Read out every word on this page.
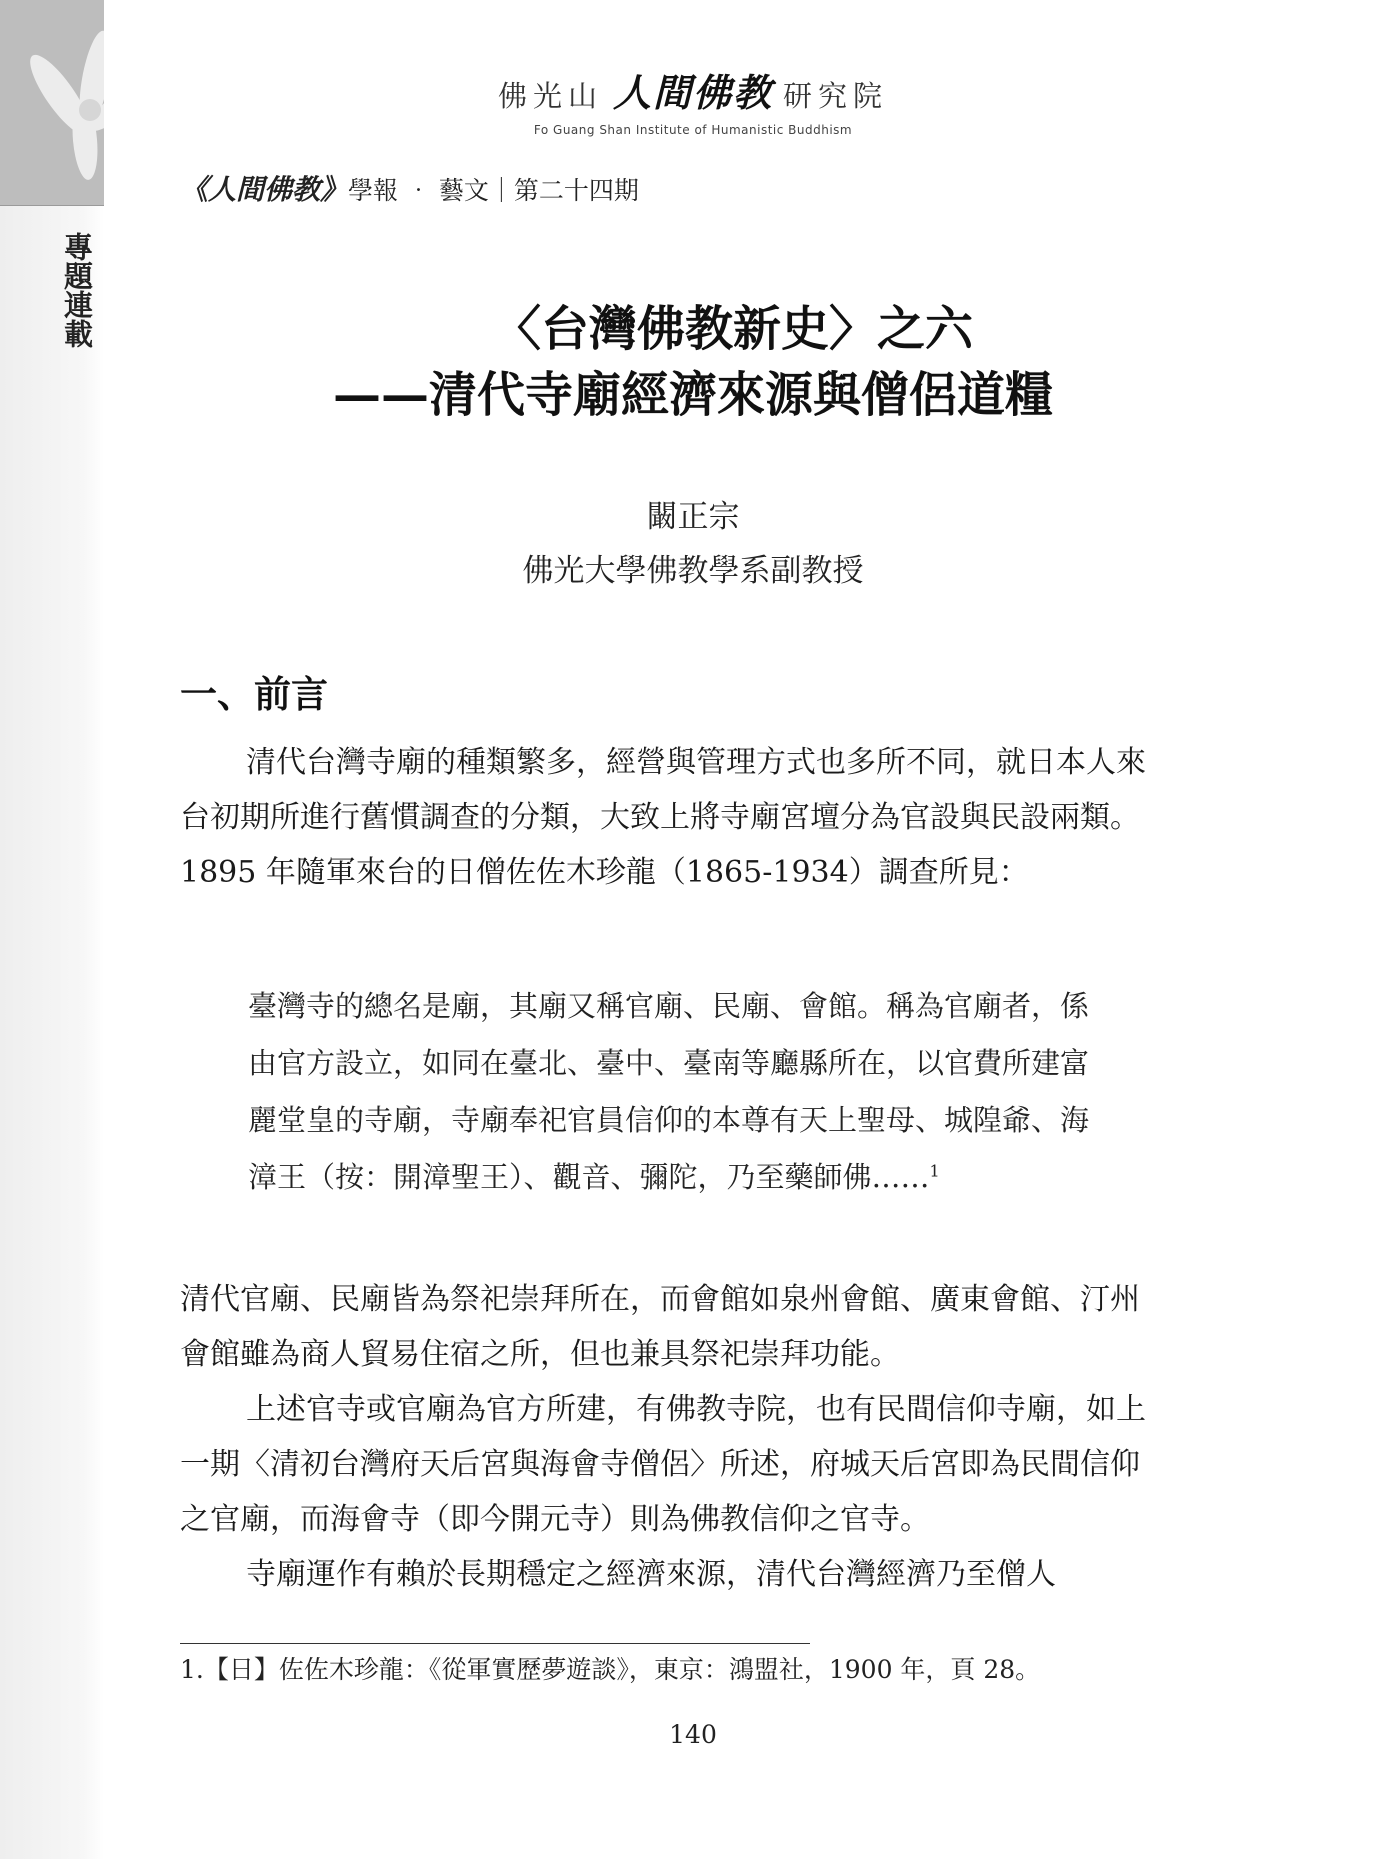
專題連載
佛光山 人間佛教 研究院
Fo Guang Shan Institute of Humanistic Buddhism
《人間佛教》學報 ‧ 藝文｜第二十四期
〈台灣佛教新史〉之六
——清代寺廟經濟來源與僧侶道糧
闞正宗
佛光大學佛教學系副教授
一、前言

清代台灣寺廟的種類繁多，經營與管理方式也多所不同，就日本人來台初期所進行舊慣調查的分類，大致上將寺廟宮壇分為官設與民設兩類。1895 年隨軍來台的日僧佐佐木珍龍（1865-1934）調查所見：

臺灣寺的總名是廟，其廟又稱官廟、民廟、會館。稱為官廟者，係由官方設立，如同在臺北、臺中、臺南等廳縣所在，以官費所建富麗堂皇的寺廟，寺廟奉祀官員信仰的本尊有天上聖母、城隍爺、海漳王（按：開漳聖王）、觀音、彌陀，乃至藥師佛……$^1$

清代官廟、民廟皆為祭祀崇拜所在，而會館如泉州會館、廣東會館、汀州會館雖為商人貿易住宿之所，但也兼具祭祀崇拜功能。

上述官寺或官廟為官方所建，有佛教寺院，也有民間信仰寺廟，如上一期〈清初台灣府天后宮與海會寺僧侶〉所述，府城天后宮即為民間信仰之官廟，而海會寺（即今開元寺）則為佛教信仰之官寺。

寺廟運作有賴於長期穩定之經濟來源，清代台灣經濟乃至僧人

1.【日】佐佐木珍龍：《從軍實歷夢遊談》，東京：鴻盟社，1900 年，頁 28。
140
